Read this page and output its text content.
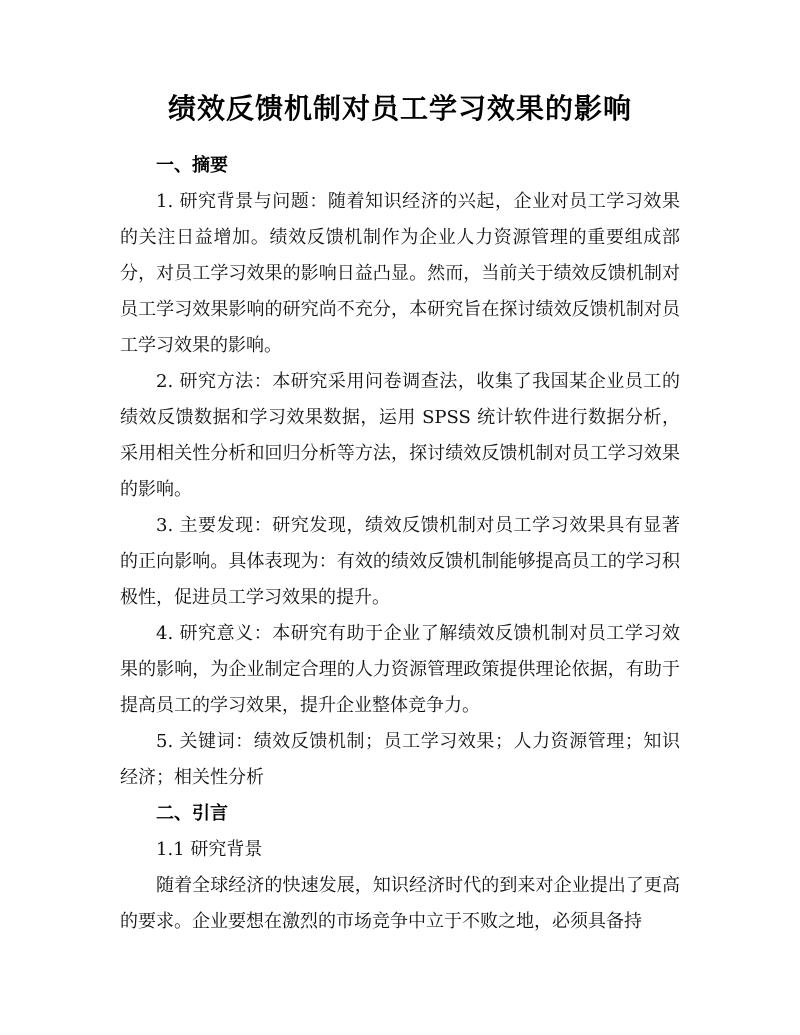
绩效反馈机制对员工学习效果的影响
一、摘要

1. 研究背景与问题：随着知识经济的兴起，企业对员工学习效果的关注日益增加。绩效反馈机制作为企业人力资源管理的重要组成部分，对员工学习效果的影响日益凸显。然而，当前关于绩效反馈机制对员工学习效果影响的研究尚不充分，本研究旨在探讨绩效反馈机制对员工学习效果的影响。

2. 研究方法：本研究采用问卷调查法，收集了我国某企业员工的绩效反馈数据和学习效果数据，运用 SPSS 统计软件进行数据分析，采用相关性分析和回归分析等方法，探讨绩效反馈机制对员工学习效果的影响。

3. 主要发现：研究发现，绩效反馈机制对员工学习效果具有显著的正向影响。具体表现为：有效的绩效反馈机制能够提高员工的学习积极性，促进员工学习效果的提升。

4. 研究意义：本研究有助于企业了解绩效反馈机制对员工学习效果的影响，为企业制定合理的人力资源管理政策提供理论依据，有助于提高员工的学习效果，提升企业整体竞争力。

5. 关键词：绩效反馈机制；员工学习效果；人力资源管理；知识经济；相关性分析

二、引言

1.1 研究背景

随着全球经济的快速发展，知识经济时代的到来对企业提出了更高的要求。企业要想在激烈的市场竞争中立于不败之地，必须具备持
